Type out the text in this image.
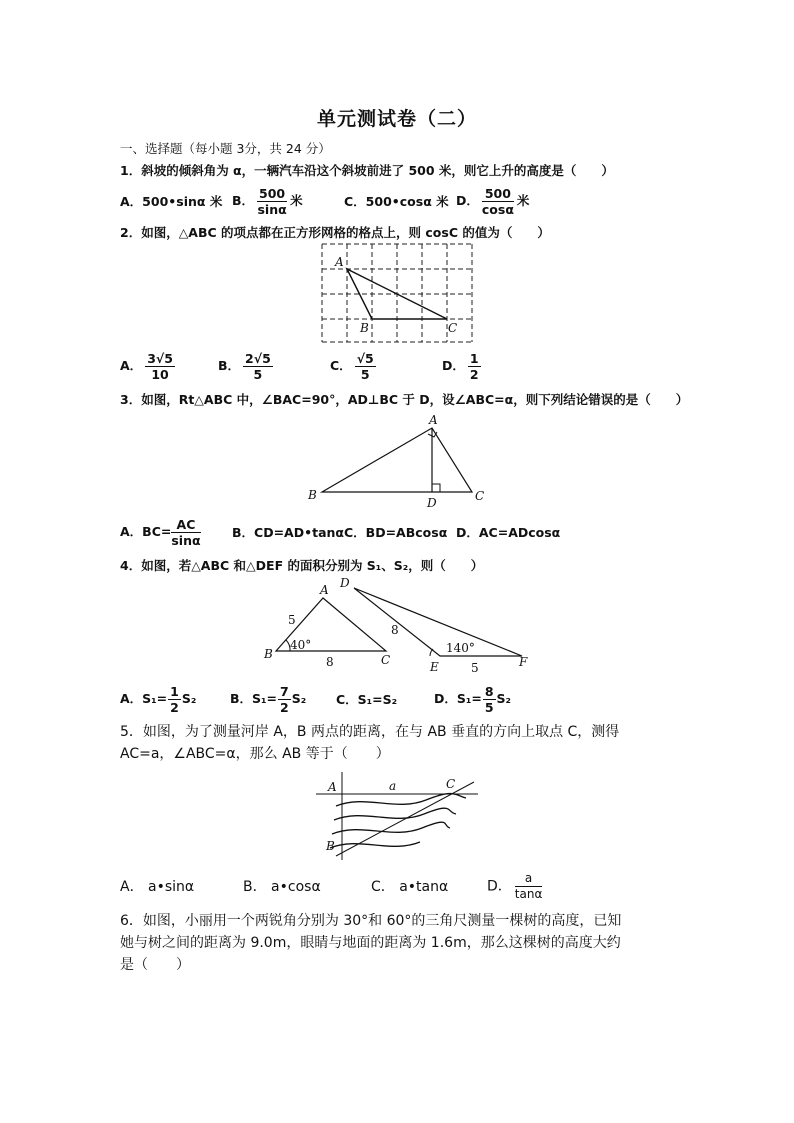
单元测试卷（二）
一、选择题（每小题 3分，共 24 分）
1．斜坡的倾斜角为 α，一辆汽车沿这个斜坡前进了 500 米，则它上升的高度是（　　）
A．500•sinα 米 B． $\frac{500}{\sin\alpha}$ 米	C．500•cosα 米 D． $\frac{500}{\cos\alpha}$ 米
2．如图，△ABC 的项点都在正方形网格的格点上，则 cosC 的值为（　　）
A
B	C
A． $\frac{3√5}{10}$	B． $\frac{2√5}{5}$	C． $\frac{√5}{5}$	D． $\frac{1}{2}$
3．如图，Rt△ABC 中，∠BAC=90°，AD⊥BC 于 D，设∠ABC=α，则下列结论错误的是（　　）
A
B	C
D
A．$BC= \frac{AC}{\sin\alpha}$	B．CD=AD•tanα C．BD=ABcosα D．AC=ADcosα
4．如图，若△ABC 和△DEF 的面积分别为 S₁、S₂，则（　　）
A
B	C
5
8
40°
D
E	F
8
5
140°
A．$S_1= \frac{1}{2} S_2$	B．$S_1= \frac{7}{2} S_2$	C．S₁=S₂	D．$S_1= \frac{8}{5} S_2$
5．如图，为了测量河岸 A，B 两点的距离，在与 AB 垂直的方向上取点 C，测得
AC=a，∠ABC=α，那么 AB 等于（　　）
A
B
C
a
A． a•sinα	B． a•cosα	C． a•tanα	D． $\frac{a}{\tan\alpha}$
6．如图，小丽用一个两锐角分别为 30°和 60°的三角尺测量一棵树的高度，已知
她与树之间的距离为 9.0m，眼睛与地面的距离为 1.6m，那么这棵树的高度大约
是（　　）
